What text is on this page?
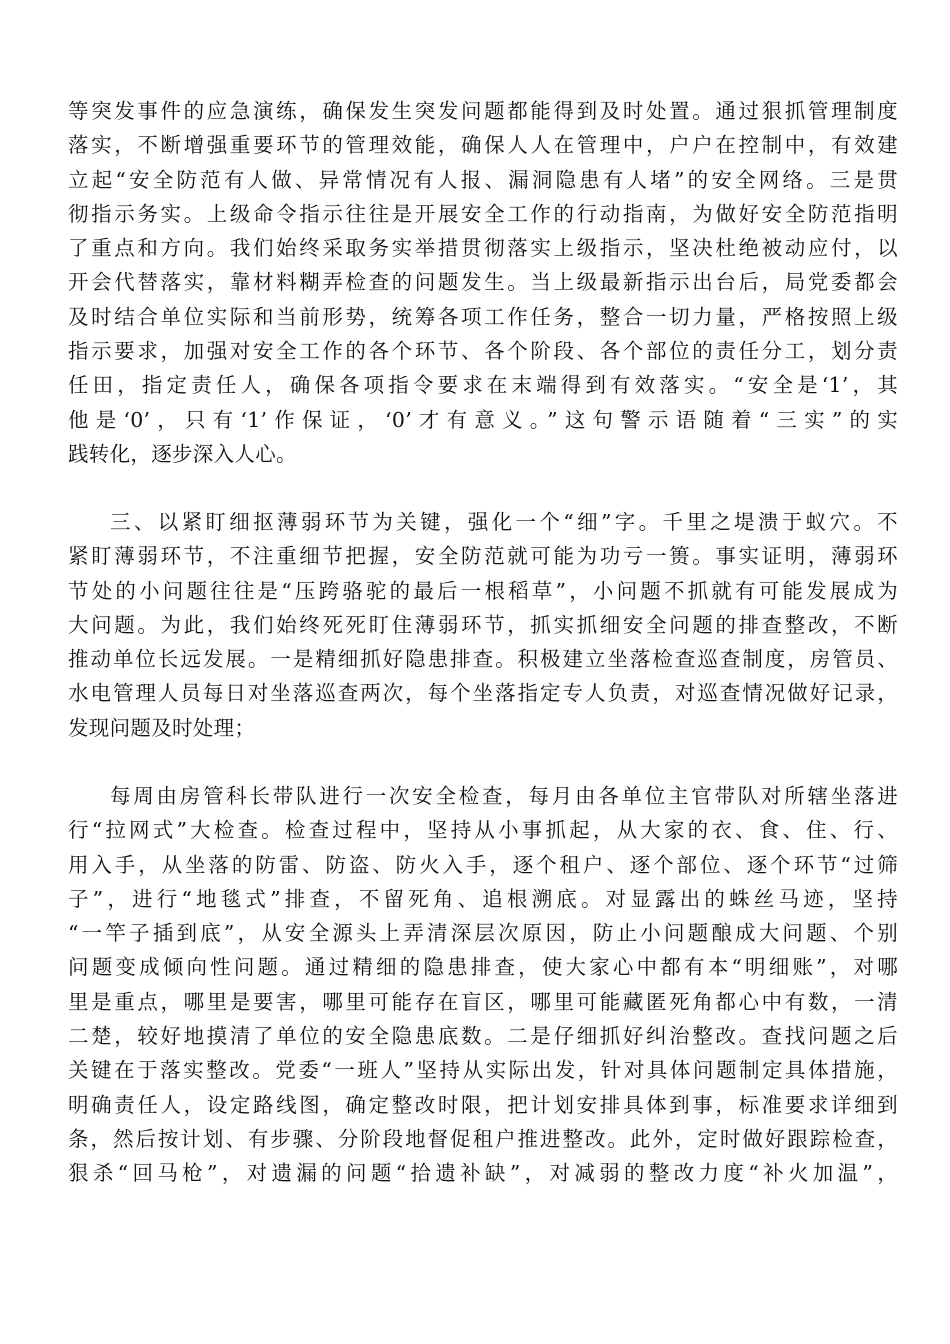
等突发事件的应急演练，确保发生突发问题都能得到及时处置。通过狠抓管理制度
落实，不断增强重要环节的管理效能，确保人人在管理中，户户在控制中，有效建
立起“安全防范有人做、异常情况有人报、漏洞隐患有人堵”的安全网络。三是贯
彻指示务实。上级命令指示往往是开展安全工作的行动指南，为做好安全防范指明
了重点和方向。我们始终采取务实举措贯彻落实上级指示，坚决杜绝被动应付，以
开会代替落实，靠材料糊弄检查的问题发生。当上级最新指示出台后，局党委都会
及时结合单位实际和当前形势，统筹各项工作任务，整合一切力量，严格按照上级
指示要求，加强对安全工作的各个环节、各个阶段、各个部位的责任分工，划分责
任田，指定责任人，确保各项指令要求在末端得到有效落实。“安全是‘1’，其
他是‘0’，只有‘1’作保证，‘0’才有意义。”这句警示语随着“三实”的实
践转化，逐步深入人心。
三、以紧盯细抠薄弱环节为关键，强化一个“细”字。千里之堤溃于蚁穴。不
紧盯薄弱环节，不注重细节把握，安全防范就可能为功亏一篑。事实证明，薄弱环
节处的小问题往往是“压跨骆驼的最后一根稻草”，小问题不抓就有可能发展成为
大问题。为此，我们始终死死盯住薄弱环节，抓实抓细安全问题的排查整改，不断
推动单位长远发展。一是精细抓好隐患排查。积极建立坐落检查巡查制度，房管员、
水电管理人员每日对坐落巡查两次，每个坐落指定专人负责，对巡查情况做好记录，
发现问题及时处理；
每周由房管科长带队进行一次安全检查，每月由各单位主官带队对所辖坐落进
行“拉网式”大检查。检查过程中，坚持从小事抓起，从大家的衣、食、住、行、
用入手，从坐落的防雷、防盗、防火入手，逐个租户、逐个部位、逐个环节“过筛
子”，进行“地毯式”排查，不留死角、追根溯底。对显露出的蛛丝马迹，坚持
“一竿子插到底”，从安全源头上弄清深层次原因，防止小问题酿成大问题、个别
问题变成倾向性问题。通过精细的隐患排查，使大家心中都有本“明细账”，对哪
里是重点，哪里是要害，哪里可能存在盲区，哪里可能藏匿死角都心中有数，一清
二楚，较好地摸清了单位的安全隐患底数。二是仔细抓好纠治整改。查找问题之后
关键在于落实整改。党委“一班人”坚持从实际出发，针对具体问题制定具体措施，
明确责任人，设定路线图，确定整改时限，把计划安排具体到事，标准要求详细到
条，然后按计划、有步骤、分阶段地督促租户推进整改。此外，定时做好跟踪检查，
狠杀“回马枪”，对遗漏的问题“拾遗补缺”，对减弱的整改力度“补火加温”，
